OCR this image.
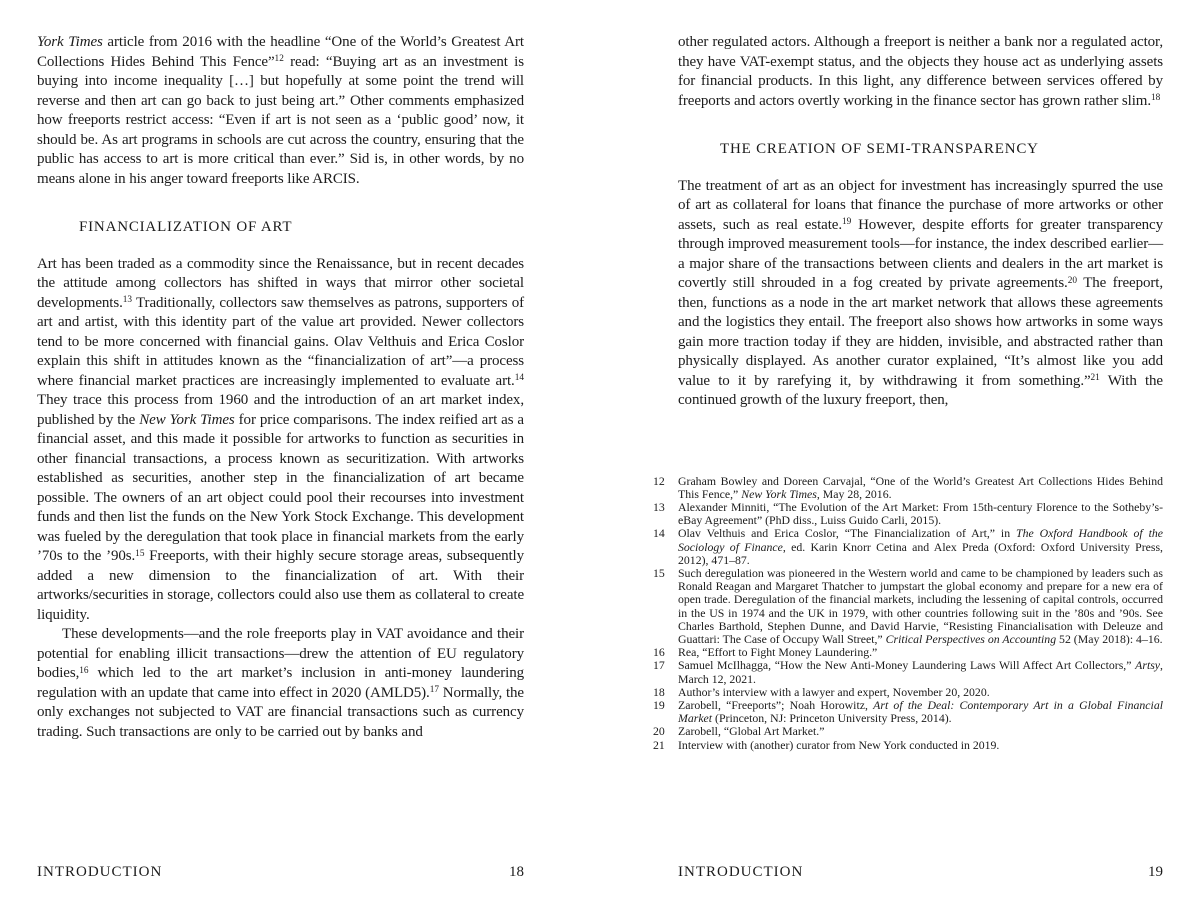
York Times article from 2016 with the headline “One of the World’s Greatest Art Collections Hides Behind This Fence”$^{12}$ read: “Buying art as an investment is buying into income inequality […] but hopefully at some point the trend will reverse and then art can go back to just being art.” Other comments emphasized how freeports restrict access: “Even if art is not seen as a ‘public good’ now, it should be. As art programs in schools are cut across the country, ensuring that the public has access to art is more critical than ever.” Sid is, in other words, by no means alone in his anger toward freeports like ARCIS.

FINANCIALIZATION OF ART

Art has been traded as a commodity since the Renaissance, but in recent decades the attitude among collectors has shifted in ways that mirror other societal developments.$^{13}$ Traditionally, collectors saw themselves as patrons, supporters of art and artist, with this identity part of the value art provided. Newer collectors tend to be more concerned with financial gains. Olav Velthuis and Erica Coslor explain this shift in attitudes known as the “financialization of art”—a process where financial market practices are increasingly implemented to evaluate art.$^{14}$ They trace this process from 1960 and the introduction of an art market index, published by the New York Times for price comparisons. The index reified art as a financial asset, and this made it possible for artworks to function as securities in other financial transactions, a process known as securitization. With artworks established as securities, another step in the financialization of art became possible. The owners of an art object could pool their recourses into investment funds and then list the funds on the New York Stock Exchange. This development was fueled by the deregulation that took place in financial markets from the early ’70s to the ’90s.$^{15}$ Freeports, with their highly secure storage areas, subsequently added a new dimension to the financialization of art. With their artworks/securities in storage, collectors could also use them as collateral to create liquidity.

These developments—and the role freeports play in VAT avoidance and their potential for enabling illicit transactions—drew the attention of EU regulatory bodies,$^{16}$ which led to the art market’s inclusion in anti-money laundering regulation with an update that came into effect in 2020 (AMLD5).$^{17}$ Normally, the only exchanges not subjected to VAT are financial transactions such as currency trading. Such transactions are only to be carried out by banks and

INTRODUCTION	18

other regulated actors. Although a freeport is neither a bank nor a regulated actor, they have VAT-exempt status, and the objects they house act as underlying assets for financial products. In this light, any difference between services offered by freeports and actors overtly working in the finance sector has grown rather slim.$^{18}$

THE CREATION OF SEMI-TRANSPARENCY

The treatment of art as an object for investment has increasingly spurred the use of art as collateral for loans that finance the purchase of more artworks or other assets, such as real estate.$^{19}$ However, despite efforts for greater transparency through improved measurement tools—for instance, the index described earlier—a major share of the transactions between clients and dealers in the art market is covertly still shrouded in a fog created by private agreements.$^{20}$ The freeport, then, functions as a node in the art market network that allows these agreements and the logistics they entail. The freeport also shows how artworks in some ways gain more traction today if they are hidden, invisible, and abstracted rather than physically displayed. As another curator explained, “It’s almost like you add value to it by rarefying it, by withdrawing it from something.”$^{21}$ With the continued growth of the luxury freeport, then,

12	Graham Bowley and Doreen Carvajal, “One of the World’s Greatest Art Collections Hides Behind This Fence,” New York Times, May 28, 2016.
13	Alexander Minniti, “The Evolution of the Art Market: From 15th-century Florence to the Sotheby’s-eBay Agreement” (PhD diss., Luiss Guido Carli, 2015).
14	Olav Velthuis and Erica Coslor, “The Financialization of Art,” in The Oxford Handbook of the Sociology of Finance, ed. Karin Knorr Cetina and Alex Preda (Oxford: Oxford University Press, 2012), 471–87.
15	Such deregulation was pioneered in the Western world and came to be championed by leaders such as Ronald Reagan and Margaret Thatcher to jumpstart the global economy and prepare for a new era of open trade. Deregulation of the financial markets, including the lessening of capital controls, occurred in the US in 1974 and the UK in 1979, with other countries following suit in the ’80s and ’90s. See Charles Barthold, Stephen Dunne, and David Harvie, “Resisting Financialisation with Deleuze and Guattari: The Case of Occupy Wall Street,” Critical Perspectives on Accounting 52 (May 2018): 4–16.
16	Rea, “Effort to Fight Money Laundering.”
17	Samuel McIlhagga, “How the New Anti-Money Laundering Laws Will Affect Art Collectors,” Artsy, March 12, 2021.
18	Author’s interview with a lawyer and expert, November 20, 2020.
19	Zarobell, “Freeports”; Noah Horowitz, Art of the Deal: Contemporary Art in a Global Financial Market (Princeton, NJ: Princeton University Press, 2014).
20	Zarobell, “Global Art Market.”
21	Interview with (another) curator from New York conducted in 2019.
INTRODUCTION	19
